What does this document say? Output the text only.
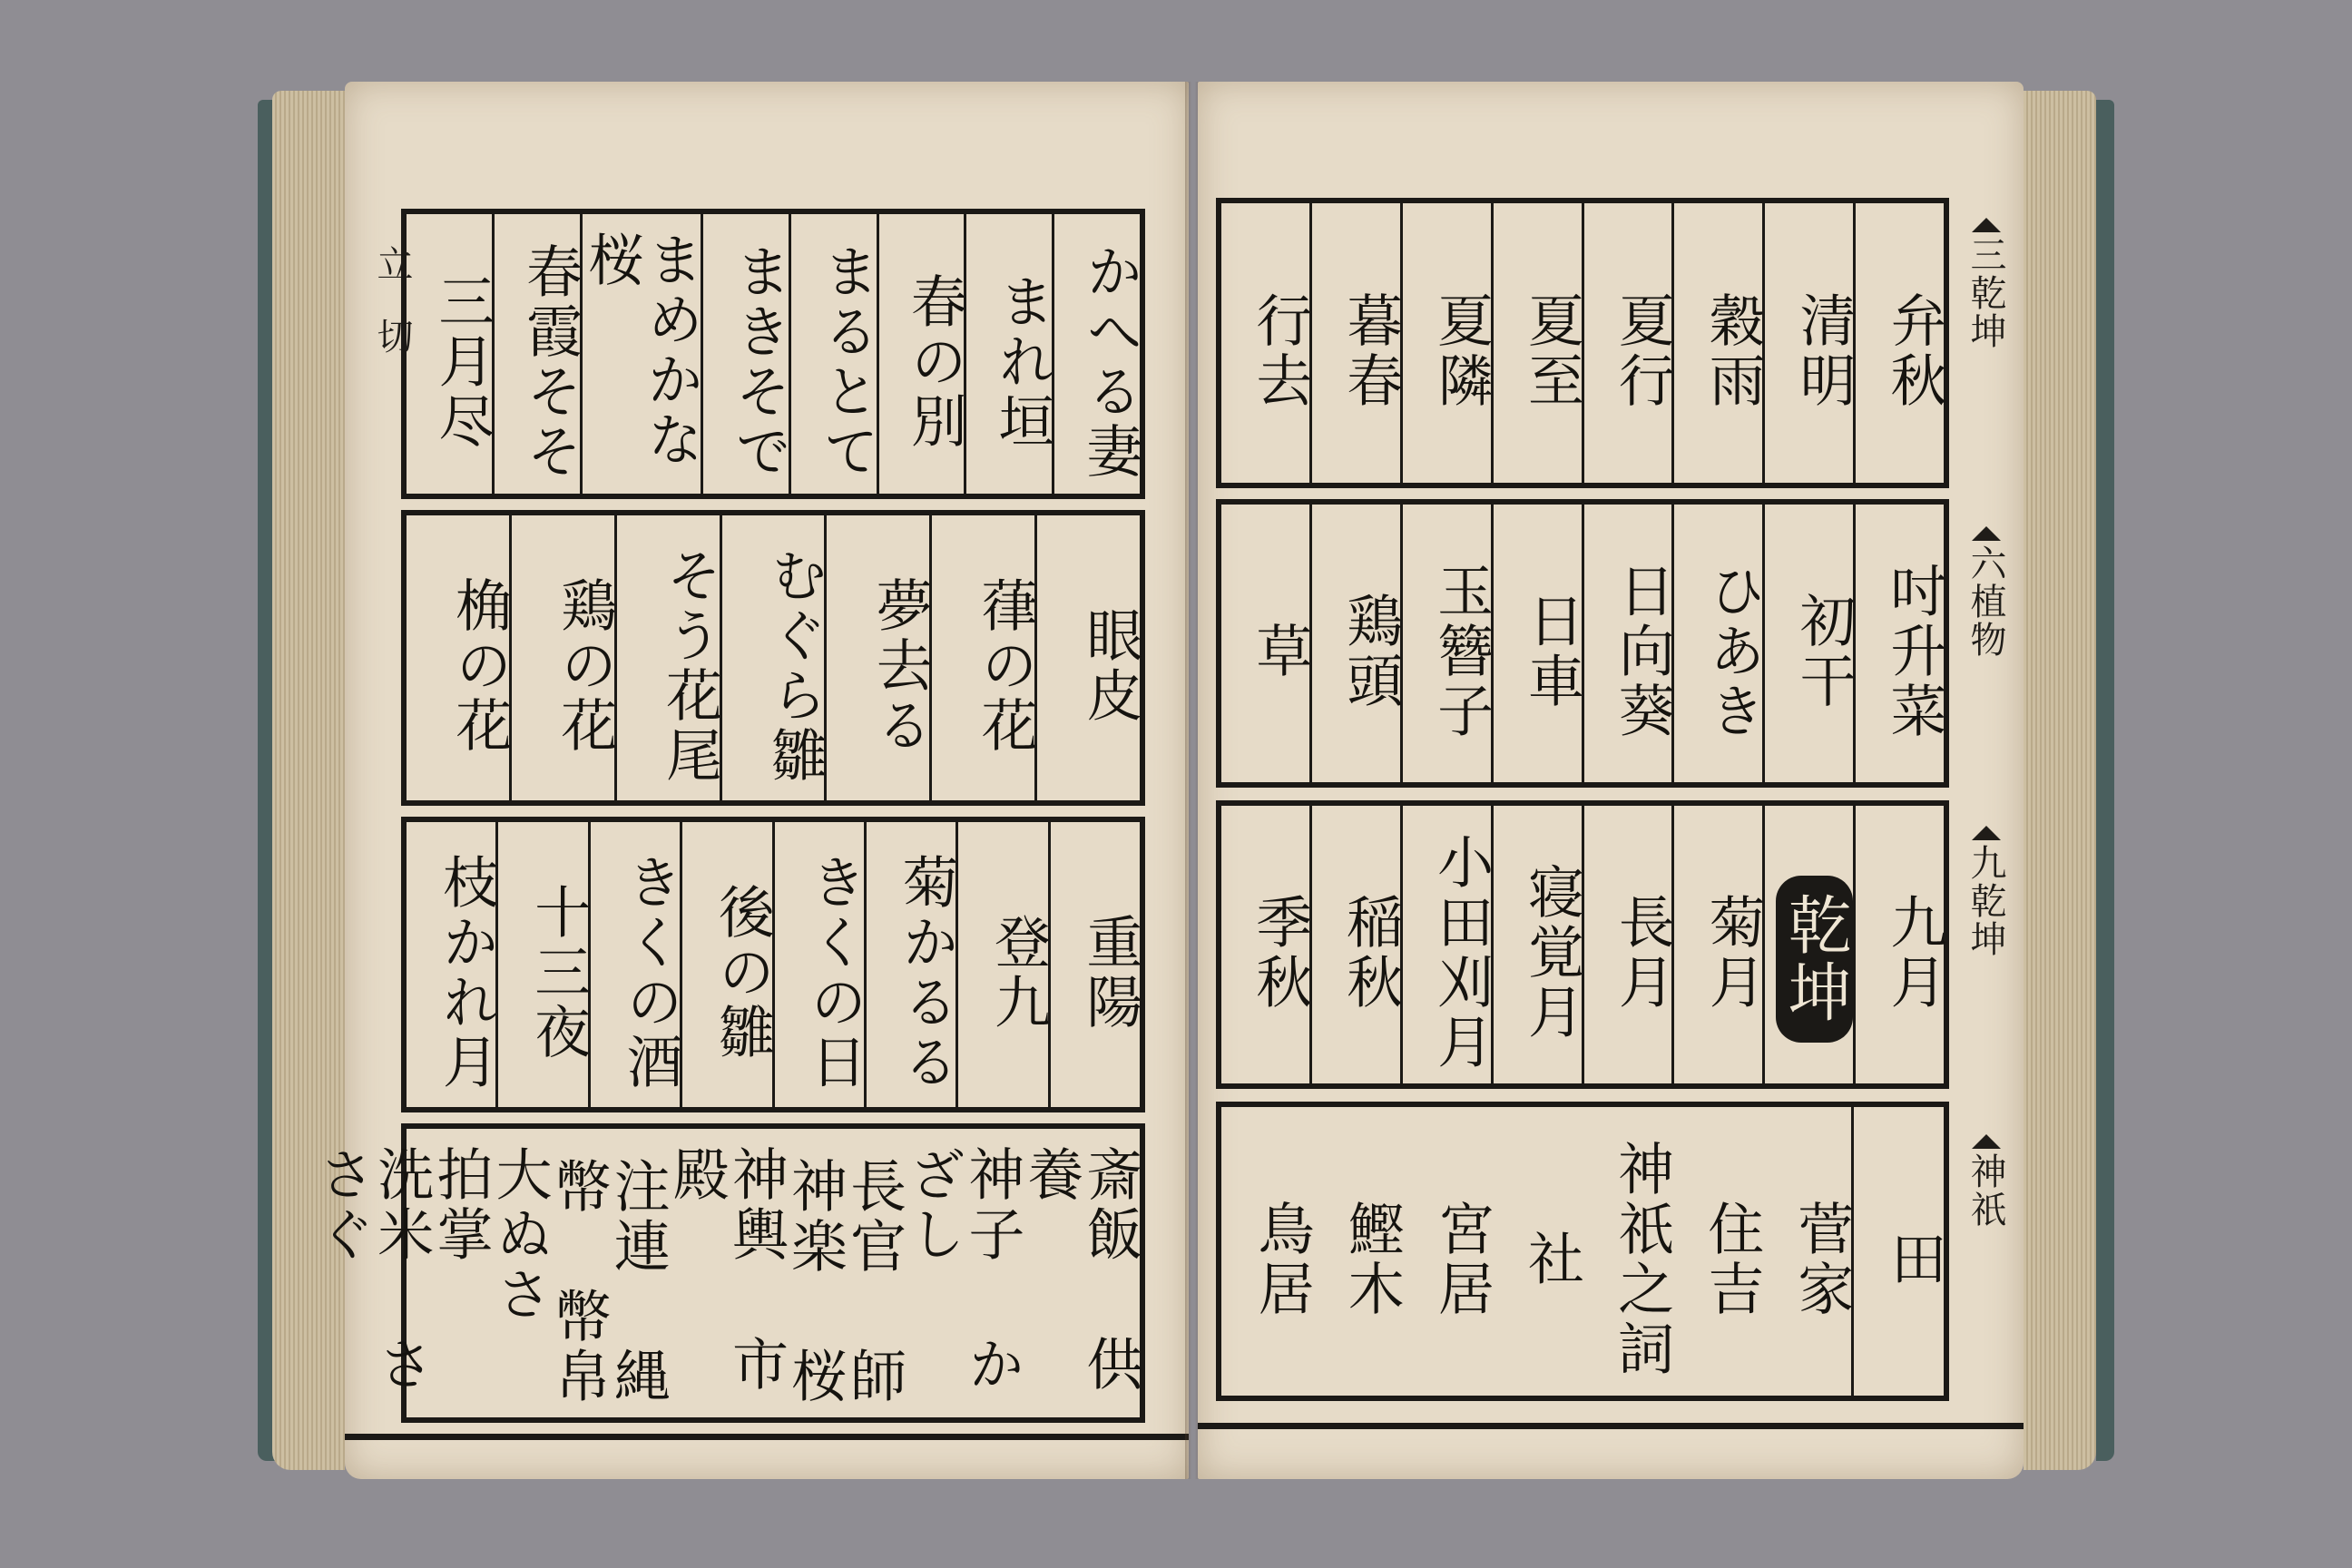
立
切	かへる妻
まれ垣
春の別
まるとて
まきそで
まめかな桜
春霞そそ
三月尽
眼皮
葎の花
夢去る
むぐら雛
そう花尾
鶏の花
桷の花
重陽
登九
菊かるる
きくの日
後の雛
きくの酒
十三夜
枝かれ月
斎飯 供養
神子 かざし
長官 師
神楽 桜
神輿 市殿
注連 縄
幣 幣帛
大ぬさ 拍掌
洗米 ささぐ
弁秋
清明
穀雨
夏行
夏至
夏隣
暮春
行去
吋升菜
初干
ひあき
日向葵
日車
玉簪子
鶏頭
草
九月
乾坤
菊月
長月
寝覚月
小田刈月
稲秋
季秋
田
菅家
住吉
神祇之詞
社
宮居
鰹木
鳥居
三
乾坤
六
植物
九
乾坤
神祇
